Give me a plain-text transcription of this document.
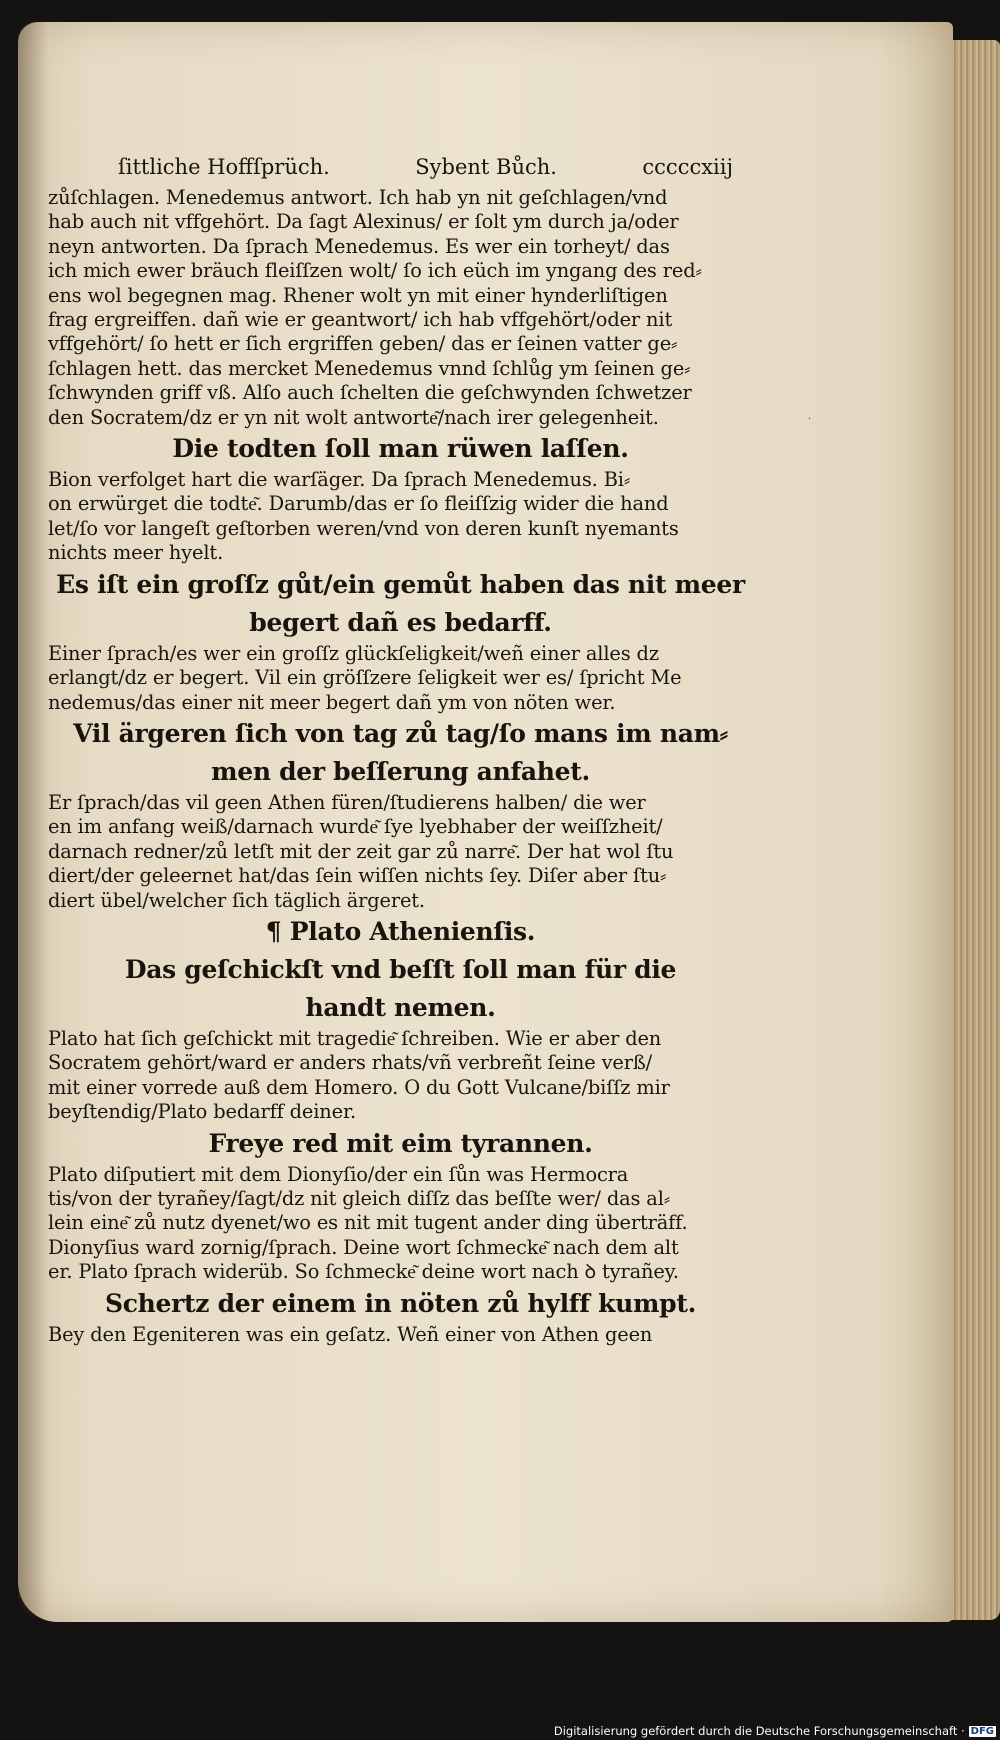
·
ſittliche Hoffſprüch.	Sybent Bůch.	cccccxiij
zůſchlagen. Menedemus antwort. Ich hab yn nit geſchlagen/vnd
hab auch nit vffgehört. Da ſagt Alexinus/ er ſolt ym durch ja/oder
neyn antworten. Da ſprach Menedemus. Es wer ein torheyt/ das
ich mich ewer bräuch fleiſſzen wolt/ ſo ich eüch im yngang des red⸗
ens wol begegnen mag. Rhener wolt yn mit einer hynderliſtigen
frag ergreiffen. dañ wie er geantwort/ ich hab vffgehört/oder nit
vffgehört/ ſo hett er ſich ergriffen geben/ das er ſeinen vatter ge⸗
ſchlagen hett. das mercket Menedemus vnnd ſchlůg ym ſeinen ge⸗
ſchwynden griff vß. Alſo auch ſchelten die geſchwynden ſchwetzer
den Socratem/dz er yn nit wolt antworte͂/nach irer gelegenheit.
Die todten ſoll man rüwen laſſen.
Bion verfolget hart die warſäger. Da ſprach Menedemus. Bi⸗
on erwürget die todte͂. Darumb/das er ſo fleiſſzig wider die hand
let/ſo vor langeſt geſtorben weren/vnd von deren kunſt nyemants
nichts meer hyelt.
Es iſt ein groſſz gůt/ein gemůt haben das nit meer
begert dañ es bedarff.
Einer ſprach/es wer ein groſſz glückſeligkeit/weñ einer alles dz
erlangt/dz er begert. Vil ein gröſſzere ſeligkeit wer es/ ſpricht Me
nedemus/das einer nit meer begert dañ ym von nöten wer.
Vil ärgeren ſich von tag zů tag/ſo mans im nam⸗
men der beſſerung anfahet.
Er ſprach/das vil geen Athen füren/ſtudierens halben/ die wer
en im anfang weiß/darnach wurde͂ ſye lyebhaber der weiſſzheit/
darnach redner/zů letſt mit der zeit gar zů narre͂. Der hat wol ſtu
diert/der geleernet hat/das ſein wiſſen nichts ſey. Diſer aber ſtu⸗
diert übel/welcher ſich täglich ärgeret.
¶ Plato Athenienſis.
Das geſchickſt vnd beſſt ſoll man für die
handt nemen.
Plato hat ſich geſchickt mit tragedie͂ ſchreiben. Wie er aber den
Socratem gehört/ward er anders rhats/vñ verbreñt ſeine verß/
mit einer vorrede auß dem Homero. O du Gott Vulcane/biſſz mir
beyſtendig/Plato bedarff deiner.
Freye red mit eim tyrannen.
Plato diſputiert mit dem Dionyſio/der ein ſůn was Hermocra
tis/von der tyrañey/ſagt/dz nit gleich diſſz das beſſte wer/ das al⸗
lein eine͂ zů nutz dyenet/wo es nit mit tugent ander ding überträff.
Dionyſius ward zornig/ſprach. Deine wort ſchmecke͂ nach dem alt
er. Plato ſprach widerüb. So ſchmecke͂ deine wort nach ꝺ tyrañey.
Schertz der einem in nöten zů hylff kumpt.
Bey den Egeniteren was ein geſatz. Weñ einer von Athen geen
Digitalisierung gefördert durch die Deutsche Forschungsgemeinschaft · DFG
